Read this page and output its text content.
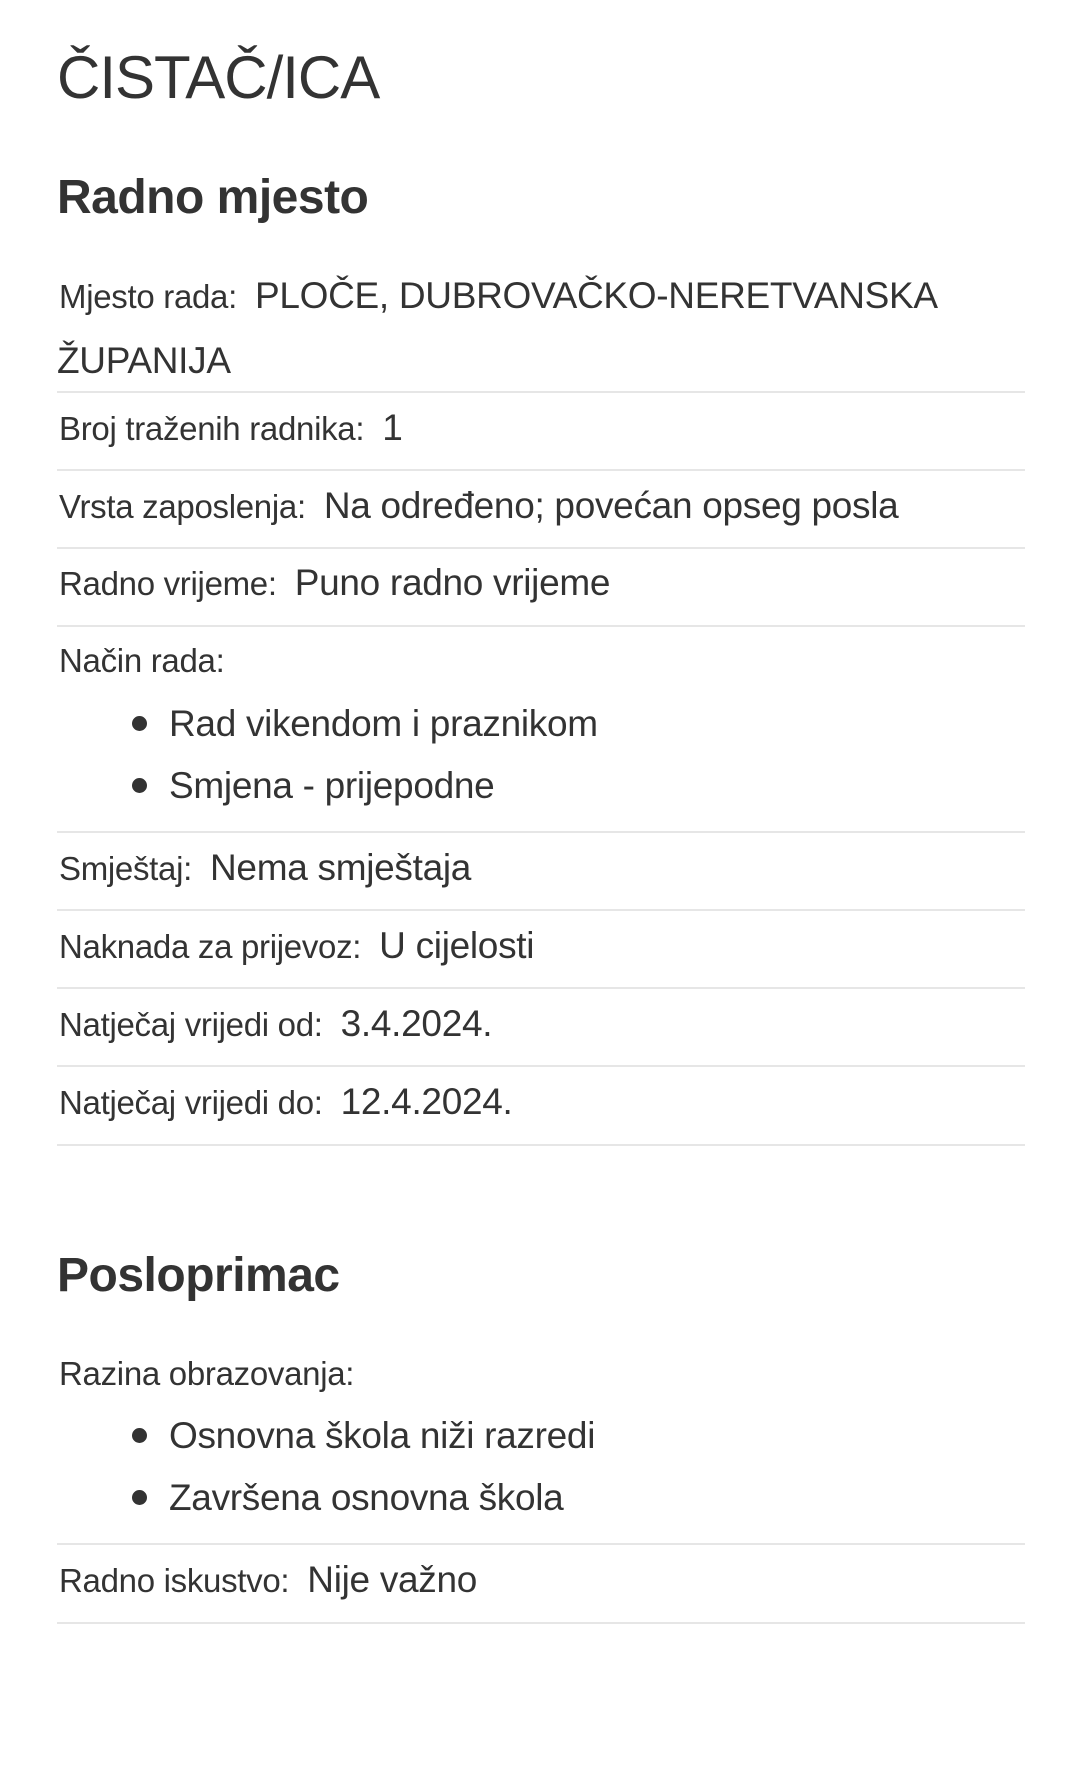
ČISTAČ/ICA
Radno mjesto
Mjesto rada: PLOČE, DUBROVAČKO-NERETVANSKA
ŽUPANIJA
Broj traženih radnika: 1
Vrsta zaposlenja: Na određeno; povećan opseg posla
Radno vrijeme: Puno radno vrijeme
Način rada:
Rad vikendom i praznikom
Smjena - prijepodne
Smještaj: Nema smještaja
Naknada za prijevoz: U cijelosti
Natječaj vrijedi od: 3.4.2024.
Natječaj vrijedi do: 12.4.2024.
Posloprimac
Razina obrazovanja:
Osnovna škola niži razredi
Završena osnovna škola
Radno iskustvo: Nije važno
